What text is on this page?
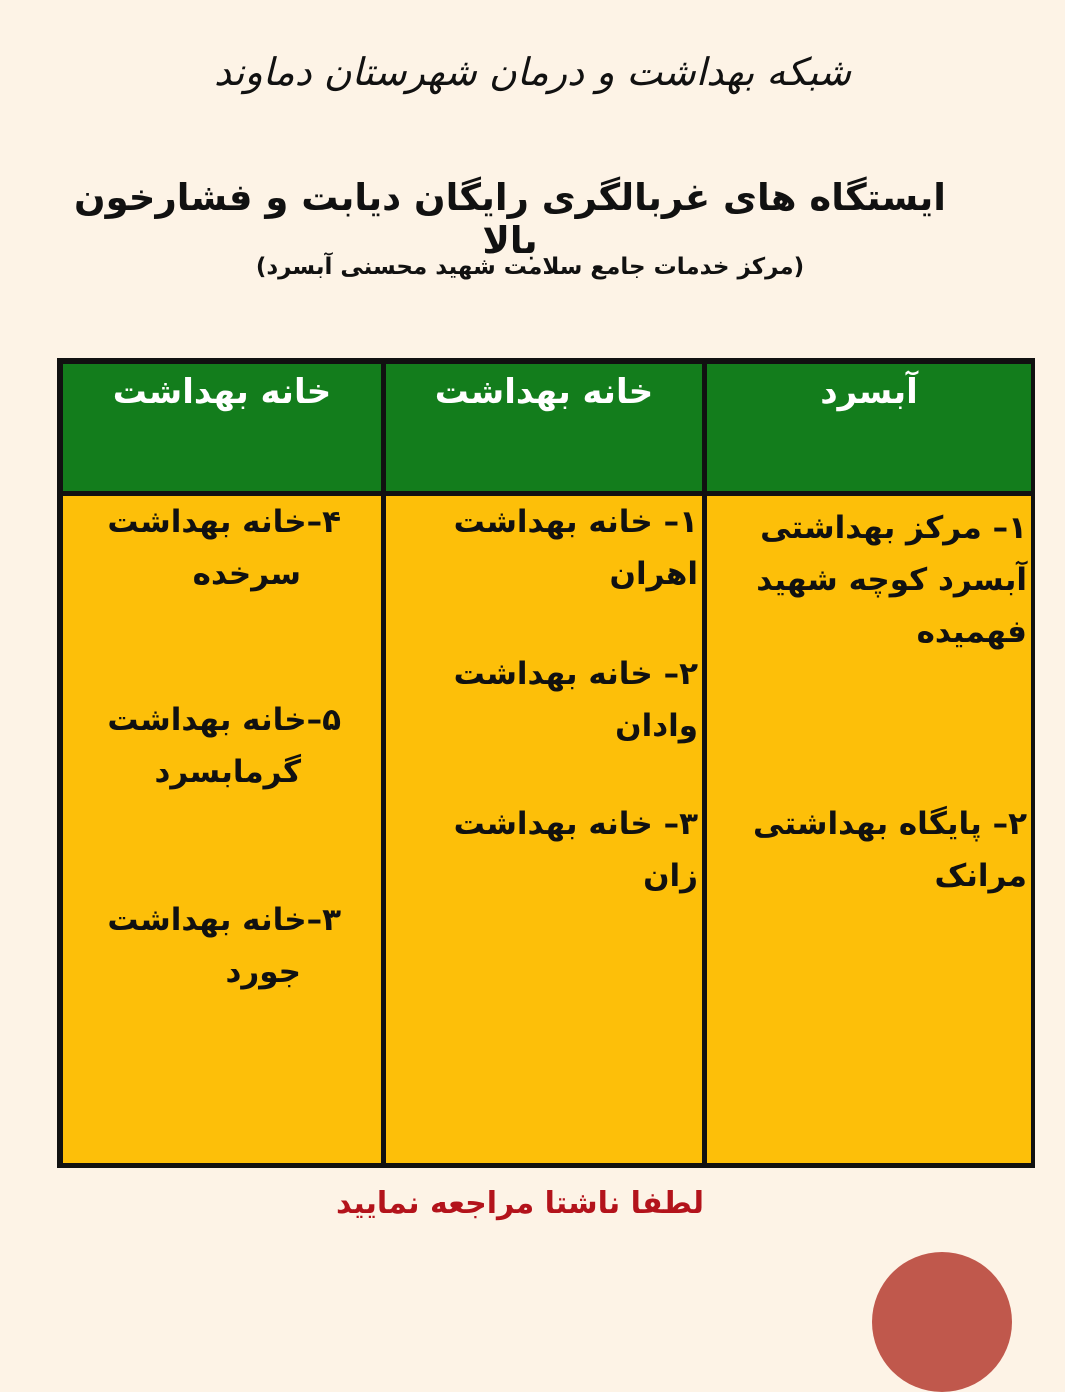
شبکه بهداشت و درمان شهرستان دماوند
ایستگاه های غربالگری رایگان دیابت و فشارخون بالا
(مرکز خدمات جامع سلامت شهید محسنی آبسرد)
خانه بهداشت	خانه بهداشت	آبسرد
۴–خانه بهداشت
سرخده
۵–خانه بهداشت
گرمابسرد
۳–خانه بهداشت
جورد
۱– خانه بهداشت
اهران
۲– خانه بهداشت
وادان
۳– خانه بهداشت
زان
۱– مرکز بهداشتی
آبسرد کوچه شهید
فهمیده
۲– پایگاه بهداشتی
مرانک
لطفا ناشتا مراجعه نمایید
